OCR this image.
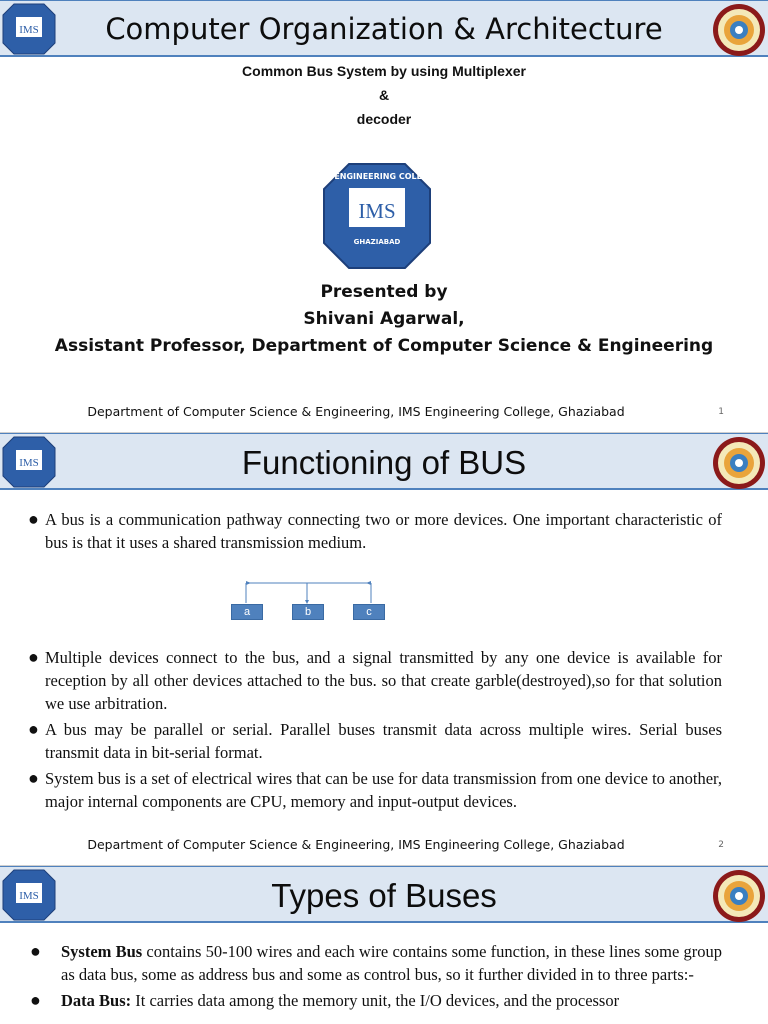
IMS	Computer Organization & Architecture
Common Bus System by using Multiplexer
&
decoder
IMS
GHAZIABAD
IMS ENGINEERING COLLEGE
Presented by
Shivani Agarwal,
Assistant Professor, Department of Computer Science & Engineering
Department of Computer Science & Engineering, IMS Engineering College, Ghaziabad	1
IMS	Functioning of BUS
● A bus is a communication pathway connecting two or more devices. One important characteristic of bus is that it uses a shared transmission medium.
a	b	c
● Multiple devices connect to the bus, and a signal transmitted by any one device is available for reception by all other devices attached to the bus. so that create garble(destroyed),so for that solution we use arbitration.
● A bus may be parallel or serial. Parallel buses transmit data across multiple wires. Serial buses transmit data in bit-serial format.
● System bus is a set of electrical wires that can be use for data transmission from one device to another, major internal components are CPU, memory and input-output devices.
Department of Computer Science & Engineering, IMS Engineering College, Ghaziabad	2
IMS	Types of Buses
● System Bus contains 50-100 wires and each wire contains some function, in these lines some group as data bus, some as address bus and some as control bus, so it further divided in to three parts:-
● Data Bus: It carries data among the memory unit, the I/O devices, and the processor
